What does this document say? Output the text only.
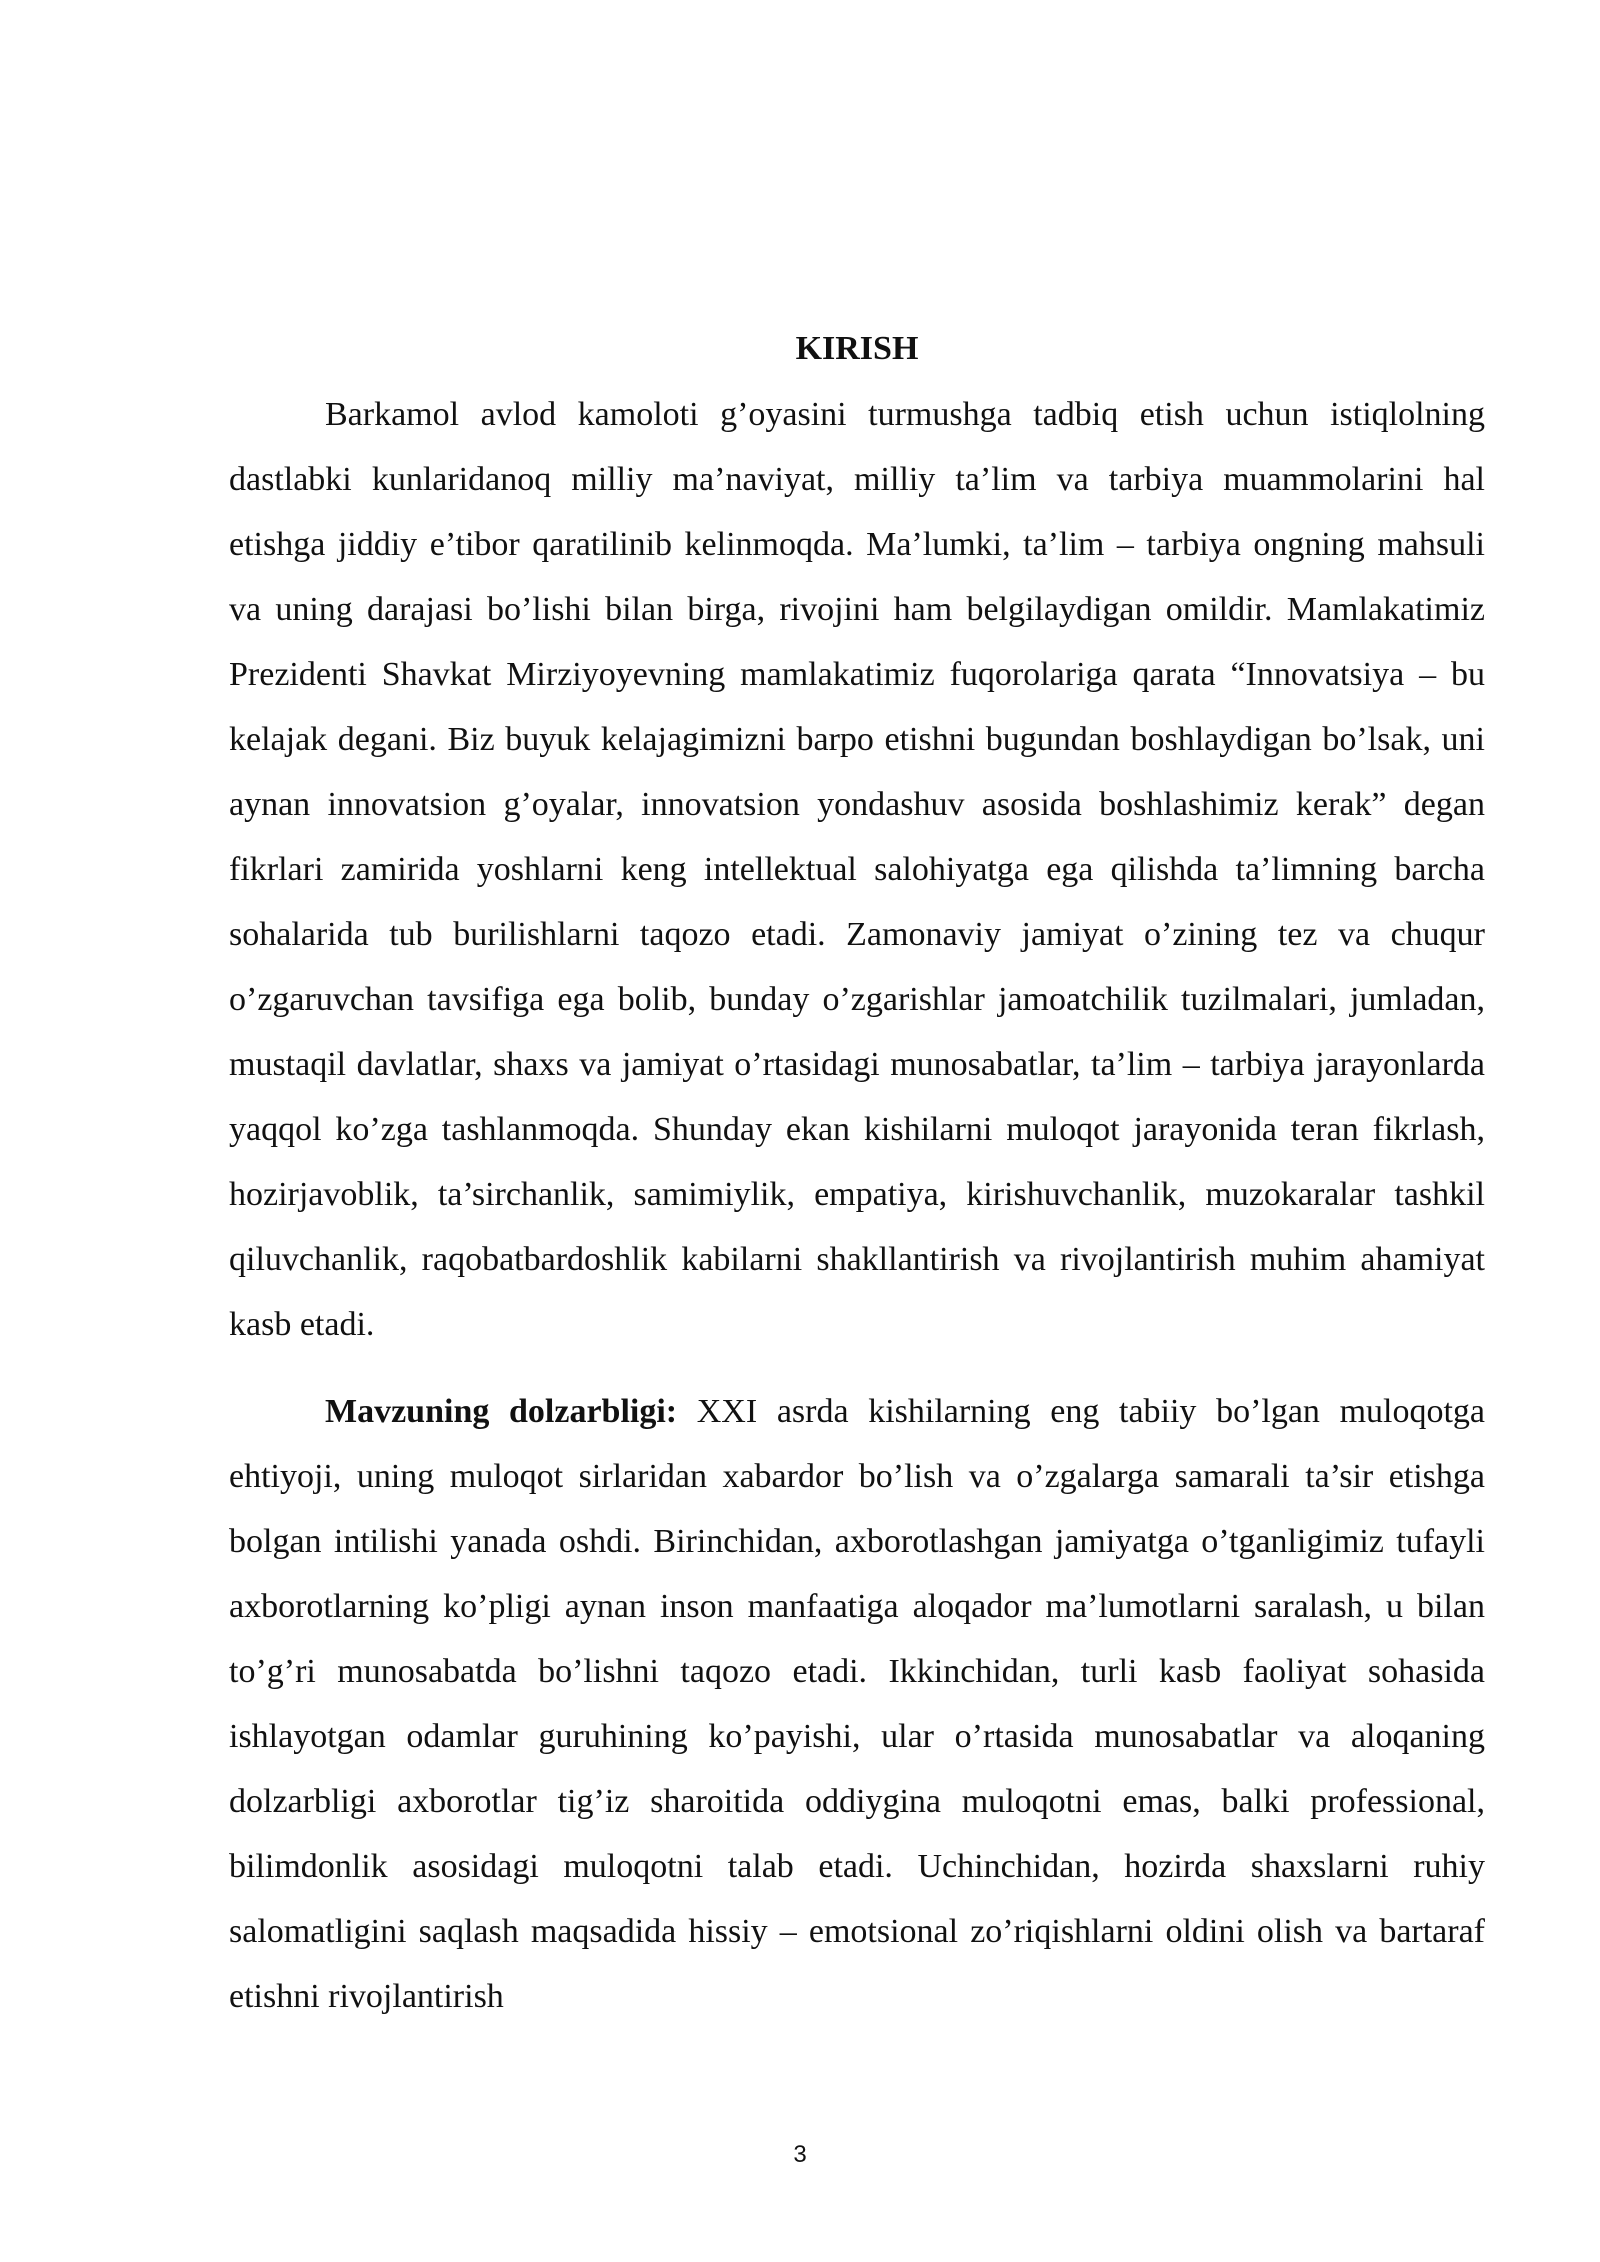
KIRISH

Barkamol avlod kamoloti g’oyasini turmushga tadbiq etish uchun istiqlolning dastlabki kunlaridanoq milliy ma’naviyat, milliy ta’lim va tarbiya muammolarini hal etishga jiddiy e’tibor qaratilinib kelinmoqda. Ma’lumki, ta’lim – tarbiya ongning mahsuli va uning darajasi bo’lishi bilan birga, rivojini ham belgilaydigan omildir. Mamlakatimiz Prezidenti Shavkat Mirziyoyevning mamlakatimiz fuqorolariga qarata “Innovatsiya – bu kelajak degani. Biz buyuk kelajagimizni barpo etishni bugundan boshlaydigan bo’lsak, uni aynan innovatsion g’oyalar, innovatsion yondashuv asosida boshlashimiz kerak” degan fikrlari zamirida yoshlarni keng intellektual salohiyatga ega qilishda ta’limning barcha sohalarida tub burilishlarni taqozo etadi. Zamonaviy jamiyat o’zining tez va chuqur o’zgaruvchan tavsifiga ega bolib, bunday o’zgarishlar jamoatchilik tuzilmalari, jumladan, mustaqil davlatlar, shaxs va jamiyat o’rtasidagi munosabatlar, ta’lim – tarbiya jarayonlarda yaqqol ko’zga tashlanmoqda. Shunday ekan kishilarni muloqot jarayonida teran fikrlash, hozirjavoblik, ta’sirchanlik, samimiylik, empatiya, kirishuvchanlik, muzokaralar tashkil qiluvchanlik, raqobatbardoshlik kabilarni shakllantirish va rivojlantirish muhim ahamiyat kasb etadi.

Mavzuning dolzarbligi: XXI asrda kishilarning eng tabiiy bo’lgan muloqotga ehtiyoji, uning muloqot sirlaridan xabardor bo’lish va o’zgalarga samarali ta’sir etishga bolgan intilishi yanada oshdi. Birinchidan, axborotlashgan jamiyatga o’tganligimiz tufayli axborotlarning ko’pligi aynan inson manfaatiga aloqador ma’lumotlarni saralash, u bilan to’g’ri munosabatda bo’lishni taqozo etadi. Ikkinchidan, turli kasb faoliyat sohasida ishlayotgan odamlar guruhining ko’payishi, ular o’rtasida munosabatlar va aloqaning dolzarbligi axborotlar tig’iz sharoitida oddiygina muloqotni emas, balki professional, bilimdonlik asosidagi muloqotni talab etadi. Uchinchidan, hozirda shaxslarni ruhiy salomatligini saqlash maqsadida hissiy – emotsional zo’riqishlarni oldini olish va bartaraf etishni rivojlantirish

3
